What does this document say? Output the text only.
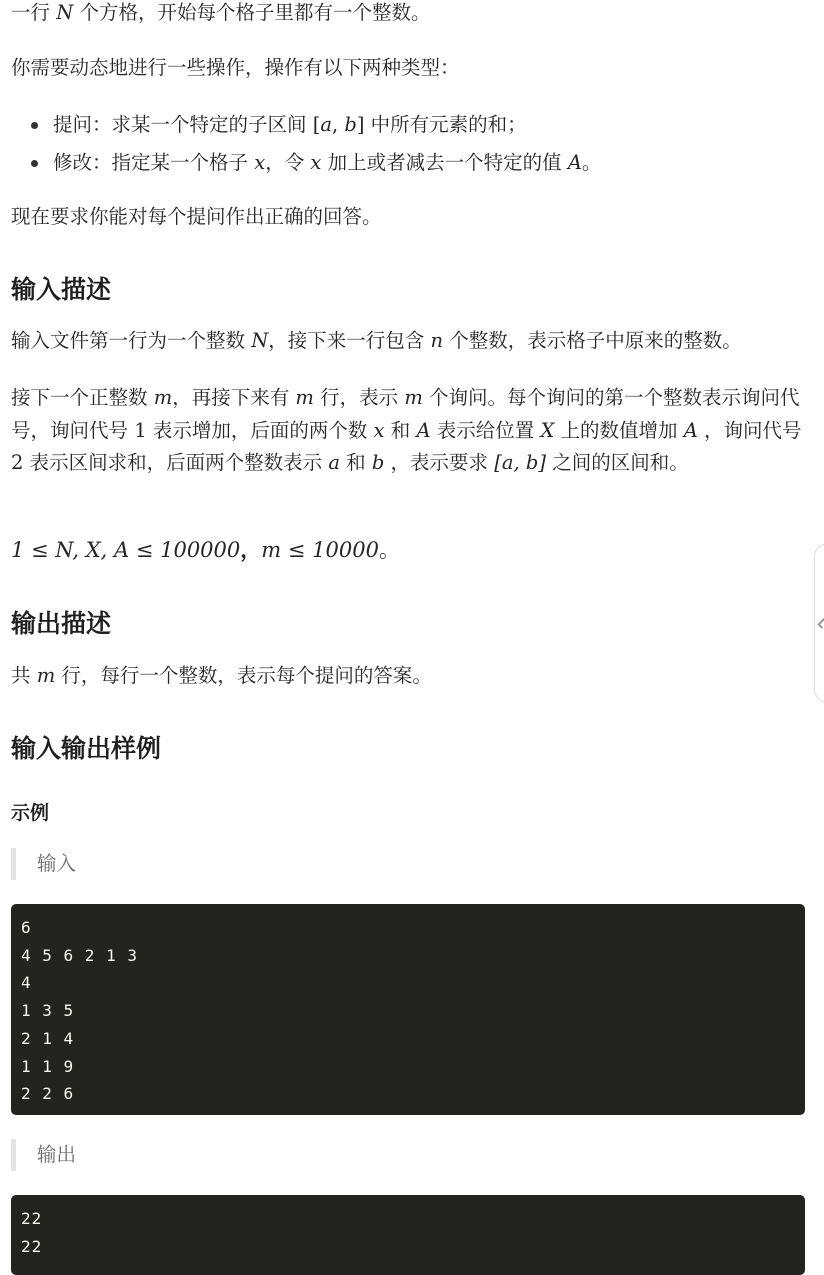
一行 N 个方格，开始每个格子里都有一个整数。

你需要动态地进行一些操作，操作有以下两种类型：

提问：求某一个特定的子区间 [a, b] 中所有元素的和；
修改：指定某一个格子 x，令 x 加上或者减去一个特定的值 A。

现在要求你能对每个提问作出正确的回答。

输入描述

输入文件第一行为一个整数 N，接下来一行包含 n 个整数，表示格子中原来的整数。

接下一个正整数 m，再接下来有 m 行，表示 m 个询问。每个询问的第一个整数表示询问代号，询问代号 1 表示增加，后面的两个数 x 和 A 表示给位置 X 上的数值增加 A ，询问代号 2 表示区间求和，后面两个整数表示 a 和 b ，表示要求 [a, b] 之间的区间和。

1 ≤ N, X, A ≤ 100000，m ≤ 10000。

输出描述

共 m 行，每行一个整数，表示每个提问的答案。

输入输出样例
示例
输入
6
4 5 6 2 1 3
4
1 3 5
2 1 4
1 1 9
2 2 6
输出
22
22
